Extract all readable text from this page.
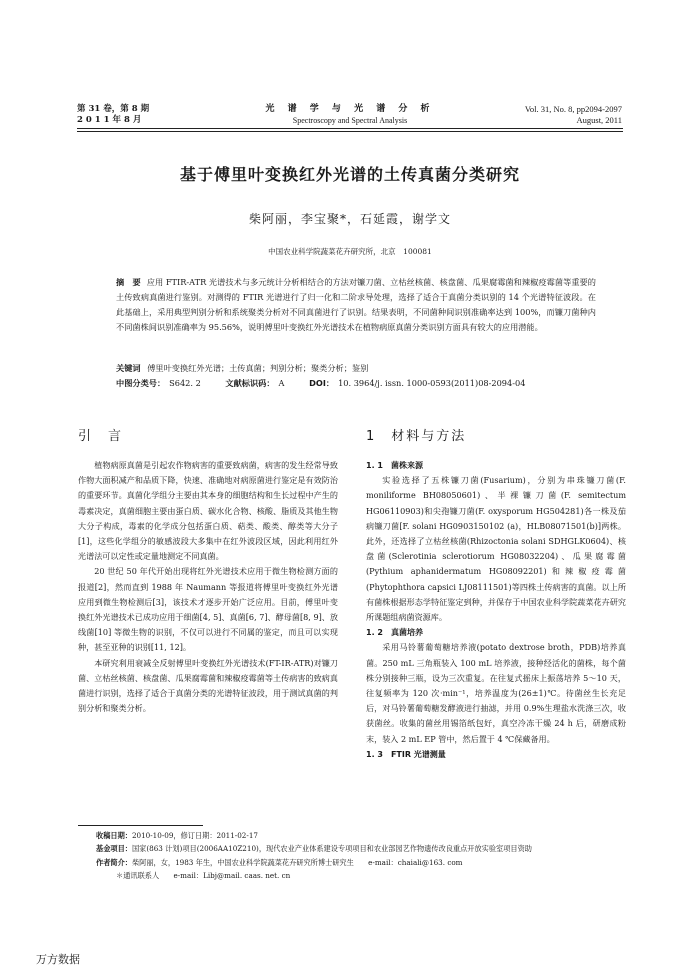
第 31 卷，第 8 期
2 0 1 1 年 8 月
光 谱 学 与 光 谱 分 析
Spectroscopy and Spectral Analysis
Vol. 31, No. 8, pp2094-2097
August, 2011
基于傅里叶变换红外光谱的土传真菌分类研究
柴阿丽，李宝聚*，石延霞，谢学文
中国农业科学院蔬菜花卉研究所，北京　100081
摘　要 应用 FTIR-ATR 光谱技术与多元统计分析相结合的方法对镰刀菌、立枯丝核菌、核盘菌、瓜果腐霉菌和辣椒疫霉菌等重要的土传致病真菌进行鉴别。对测得的 FTIR 光谱进行了归一化和二阶求导处理，选择了适合于真菌分类识别的 14 个光谱特征波段。在此基础上，采用典型判别分析和系统聚类分析对不同真菌进行了识别。结果表明，不同菌种间识别准确率达到 100%，而镰刀菌种内不同菌株间识别准确率为 95.56%，说明傅里叶变换红外光谱技术在植物病原真菌分类识别方面具有较大的应用潜能。
关键词 傅里叶变换红外光谱；土传真菌；判别分析；聚类分析；鉴别
中图分类号： S642. 2	文献标识码： A	DOI： 10. 3964/j. issn. 1000-0593(2011)08-2094-04
引　言	1　材料与方法

植物病原真菌是引起农作物病害的重要致病菌，病害的发生经常导致作物大面积减产和品质下降，快速、准确地对病原菌进行鉴定是有效防治的重要环节。真菌化学组分主要由其本身的细胞结构和生长过程中产生的毒素决定，真菌细胞主要由蛋白质、碳水化合物、核酸、脂质及其他生物大分子构成，毒素的化学成分包括蛋白质、萜类、酸类、醇类等大分子[1]，这些化学组分的敏感波段大多集中在红外波段区域，因此利用红外光谱法可以定性或定量地测定不同真菌。

20 世纪 50 年代开始出现将红外光谱技术应用于微生物检测方面的报道[2]，然而直到 1988 年 Naumann 等报道将傅里叶变换红外光谱应用到微生物检测后[3]，该技术才逐步开始广泛应用。目前，傅里叶变换红外光谱技术已成功应用于细菌[4, 5]、真菌[6, 7]、酵母菌[8, 9]、放线菌[10] 等微生物的识别，不仅可以进行不同属的鉴定，而且可以实现种，甚至亚种的识别[11, 12]。

本研究利用衰减全反射傅里叶变换红外光谱技术(FT-IR-ATR)对镰刀菌、立枯丝核菌、核盘菌、瓜果腐霉菌和辣椒疫霉菌等土传病害的致病真菌进行识别，选择了适合于真菌分类的光谱特征波段，用于测试真菌的判别分析和聚类分析。

1. 1　菌株来源

实验选择了五株镰刀菌(Fusarium)，分别为串珠镰刀菌(F. moniliforme BH08050601)、半裸镰刀菌(F. semitectum HG06110903)和尖孢镰刀菌(F. oxysporum HG504281)各一株及茄病镰刀菌[F. solani HG0903150102 (a)，HLB08071501(b)]两株。此外，还选择了立枯丝核菌(Rhizoctonia solani SDHGLK0604)、核盘菌(Sclerotinia sclerotiorum HG08032204)、瓜果腐霉菌(Pythium aphanidermatum HG08092201)和辣椒疫霉菌(Phytophthora capsici LJ08111501)等四株土传病害的真菌。以上所有菌株根据形态学特征鉴定到种，并保存于中国农业科学院蔬菜花卉研究所课题组病菌资源库。

1. 2　真菌培养

采用马铃薯葡萄糖培养液(potato dextrose broth，PDB)培养真菌。250 mL 三角瓶装入 100 mL 培养液，接种经活化的菌株，每个菌株分别接种三瓶，设为三次重复。在往复式摇床上振荡培养 5～10 天，往复频率为 120 次·min⁻¹，培养温度为(26±1)℃。待菌丝生长充足后，对马铃薯葡萄糖发酵液进行抽滤，并用 0.9%生理盐水洗涤三次，收获菌丝。收集的菌丝用锡箔纸包好，真空冷冻干燥 24 h 后，研磨成粉末，装入 2 mL EP 管中，然后置于 4 ℃保藏备用。

1. 3　FTIR 光谱测量
收稿日期：2010-10-09，修订日期：2011-02-17
基金项目：国家(863 计划)项目(2006AA10Z210)，现代农业产业体系建设专项项目和农业部园艺作物遗传改良重点开放实验室项目资助
作者简介：柴阿丽，女，1983 年生，中国农业科学院蔬菜花卉研究所博士研究生　　e-mail：chaiali@163. com
＊通讯联系人　　e-mail：Libj@mail. caas. net. cn
万方数据
